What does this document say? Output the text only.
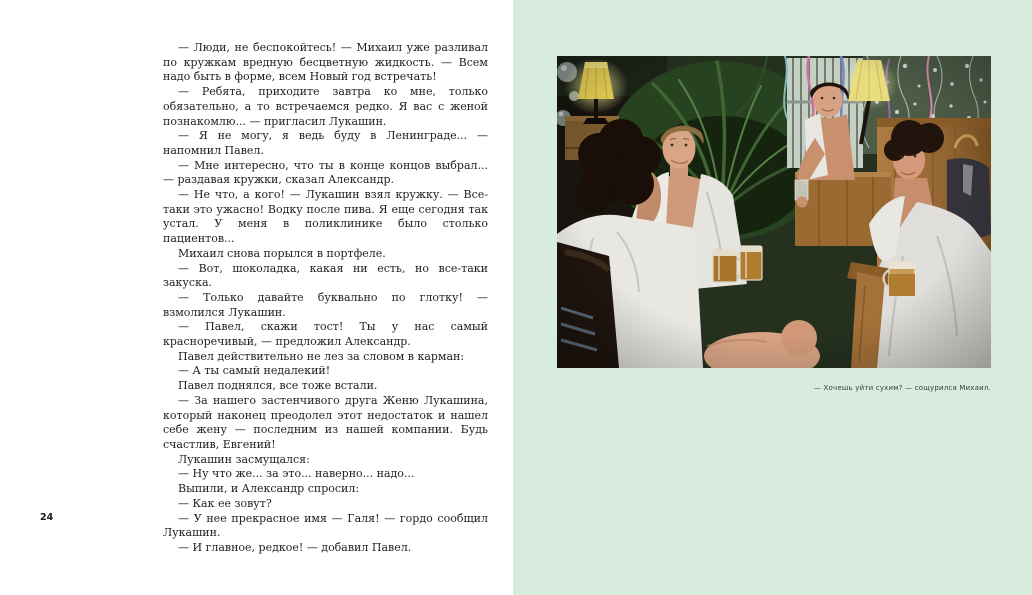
— Люди, не беспокойтесь! — Михаил уже разливал по кружкам вредную бесцветную жидкость. — Всем надо быть в форме, всем Новый год встречать!

— Ребята, приходите завтра ко мне, только обязательно, а то встречаемся редко. Я вас с женой познакомлю... — пригласил Лукашин.

— Я не могу, я ведь буду в Ленинграде... — напомнил Павел.

— Мне интересно, что ты в конце концов выбрал... — раздавая кружки, сказал Александр.

— Не что, а кого! — Лукашин взял кружку. — Все-таки это ужасно! Водку после пива. Я еще сегодня так устал. У меня в поликлинике было столько пациентов...

Михаил снова порылся в портфеле.

— Вот, шоколадка, какая ни есть, но все-таки закуска.

— Только давайте буквально по глотку! — взмолился Лукашин.

— Павел, скажи тост! Ты у нас самый красноречивый, — предложил Александр.

Павел действительно не лез за словом в карман:

— А ты самый недалекий!

Павел поднялся, все тоже встали.

— За нашего застенчивого друга Женю Лукашина, который наконец преодолел этот недостаток и нашел себе жену — последним из нашей компании. Будь счастлив, Евгений!

Лукашин засмущался:

— Ну что же... за это... наверно... надо...

Выпили, и Александр спросил:

— Как ее зовут?

— У нее прекрасное имя — Галя! — гордо сообщил Лукашин.

— И главное, редкое! — добавил Павел.

24
— Хочешь уйти сухим? — сощурился Михаил.
